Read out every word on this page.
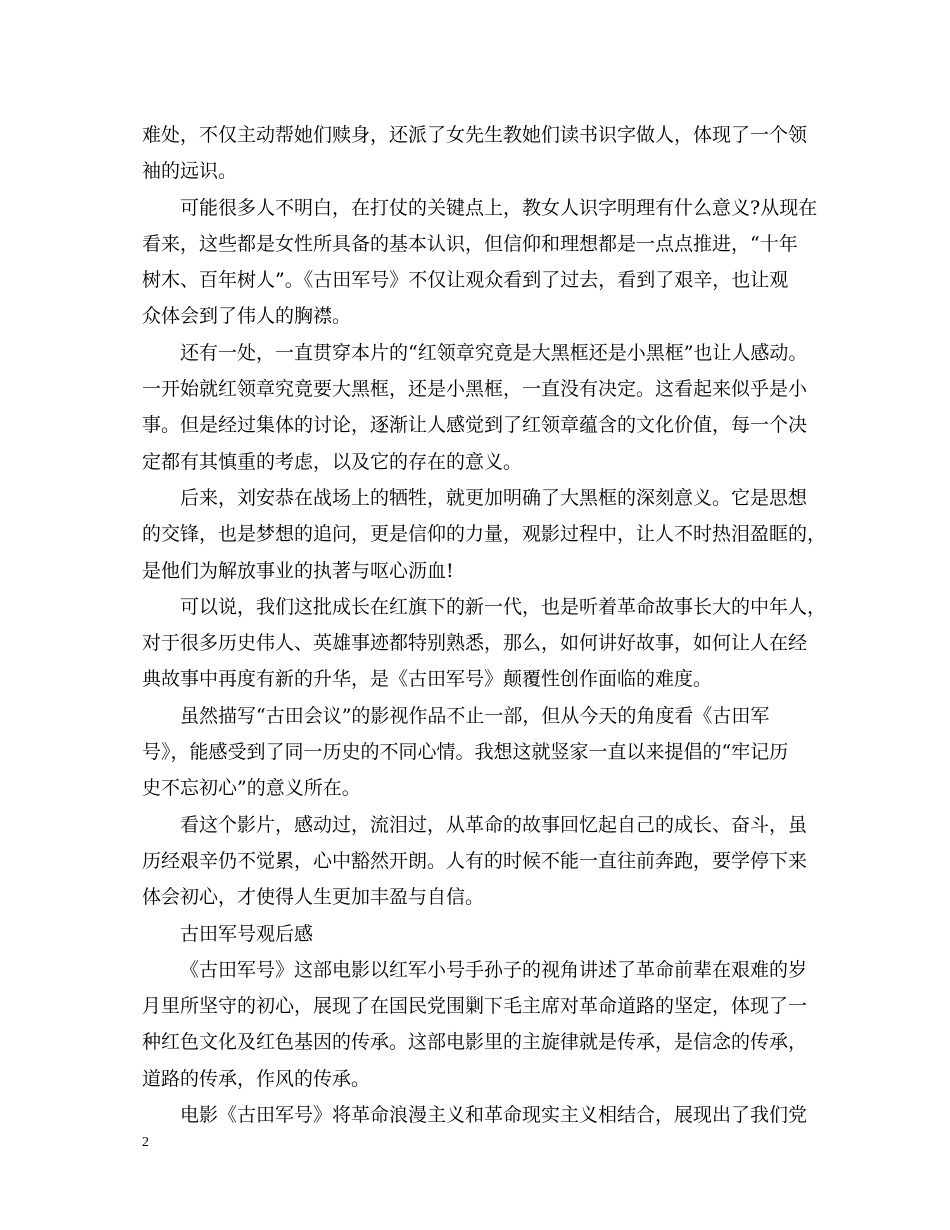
难处，不仅主动帮她们赎身，还派了女先生教她们读书识字做人，体现了一个领
袖的远识。
可能很多人不明白，在打仗的关键点上，教女人识字明理有什么意义?从现在
看来，这些都是女性所具备的基本认识，但信仰和理想都是一点点推进，“十年
树木、百年树人”。《古田军号》不仅让观众看到了过去，看到了艰辛，也让观
众体会到了伟人的胸襟。
还有一处，一直贯穿本片的“红领章究竟是大黑框还是小黑框”也让人感动。
一开始就红领章究竟要大黑框，还是小黑框，一直没有决定。这看起来似乎是小
事。但是经过集体的讨论，逐渐让人感觉到了红领章蕴含的文化价值，每一个决
定都有其慎重的考虑，以及它的存在的意义。
后来，刘安恭在战场上的牺牲，就更加明确了大黑框的深刻意义。它是思想
的交锋，也是梦想的追问，更是信仰的力量，观影过程中，让人不时热泪盈眶的，
是他们为解放事业的执著与呕心沥血!
可以说，我们这批成长在红旗下的新一代，也是听着革命故事长大的中年人，
对于很多历史伟人、英雄事迹都特别熟悉，那么，如何讲好故事，如何让人在经
典故事中再度有新的升华，是《古田军号》颠覆性创作面临的难度。
虽然描写“古田会议”的影视作品不止一部，但从今天的角度看《古田军
号》，能感受到了同一历史的不同心情。我想这就竖家一直以来提倡的“牢记历
史不忘初心”的意义所在。
看这个影片，感动过，流泪过，从革命的故事回忆起自己的成长、奋斗，虽
历经艰辛仍不觉累，心中豁然开朗。人有的时候不能一直往前奔跑，要学停下来
体会初心，才使得人生更加丰盈与自信。
古田军号观后感
《古田军号》这部电影以红军小号手孙子的视角讲述了革命前辈在艰难的岁
月里所坚守的初心，展现了在国民党围剿下毛主席对革命道路的坚定，体现了一
种红色文化及红色基因的传承。这部电影里的主旋律就是传承，是信念的传承，
道路的传承，作风的传承。
电影《古田军号》将革命浪漫主义和革命现实主义相结合，展现出了我们党
2
